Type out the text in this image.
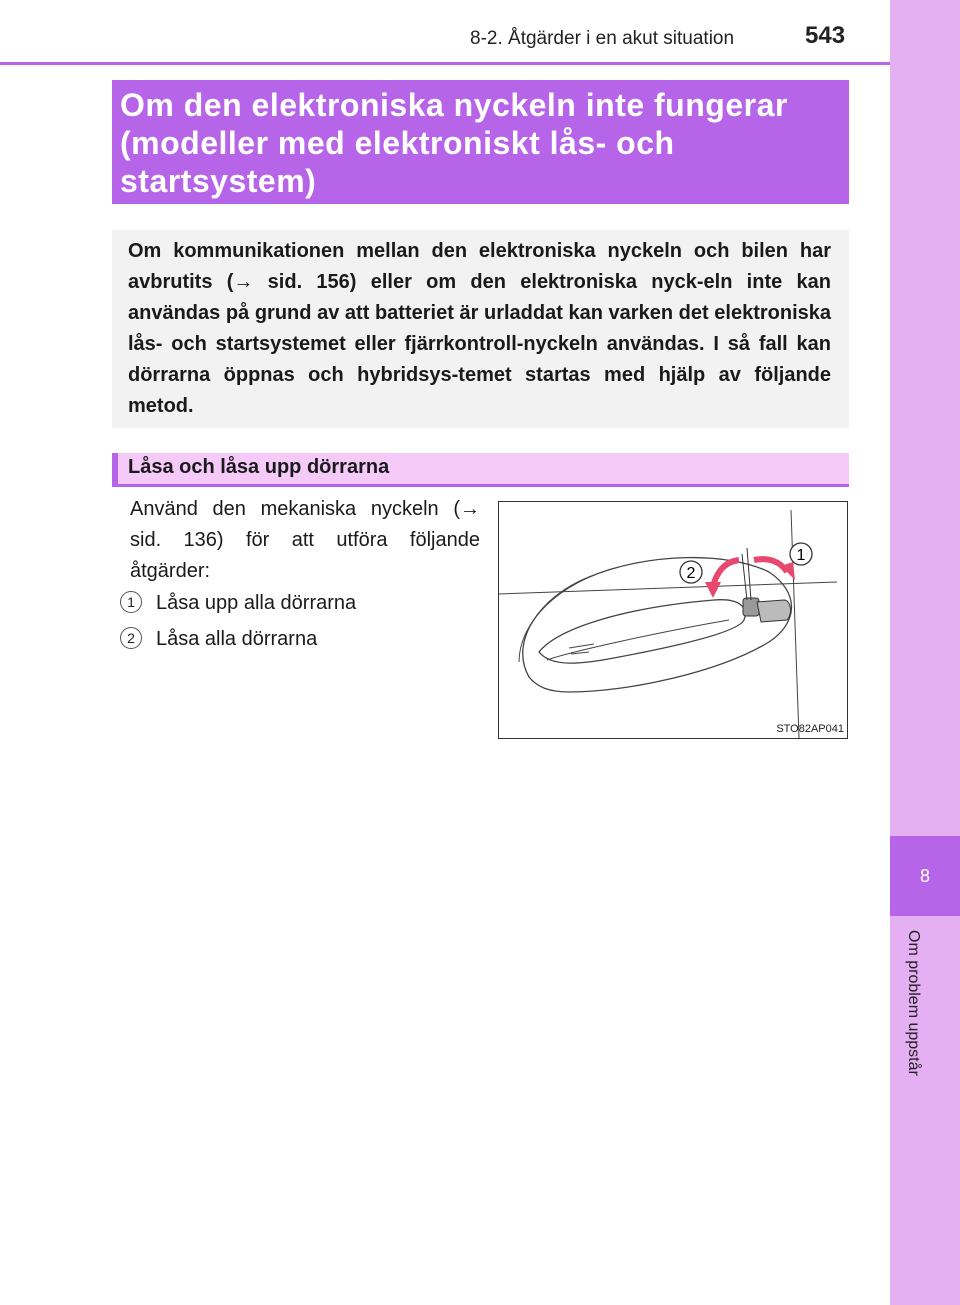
8-2. Åtgärder i en akut situation	543
8
Om problem uppstår

Om den elektroniska nyckeln inte fungerar
(modeller med elektroniskt lås- och
startsystem)

Om kommunikationen mellan den elektroniska nyckeln och bilen har avbrutits (→ sid. 156) eller om den elektroniska nyck-eln inte kan användas på grund av att batteriet är urladdat kan varken det elektroniska lås- och startsystemet eller fjärrkontroll-nyckeln användas. I så fall kan dörrarna öppnas och hybridsys-temet startas med hjälp av följande metod.

Låsa och låsa upp dörrarna

Använd den mekaniska nyckeln (→ sid. 136) för att utföra följande åtgärder:

1	Låsa upp alla dörrarna
2	Låsa alla dörrarna
1
2
STO82AP041
